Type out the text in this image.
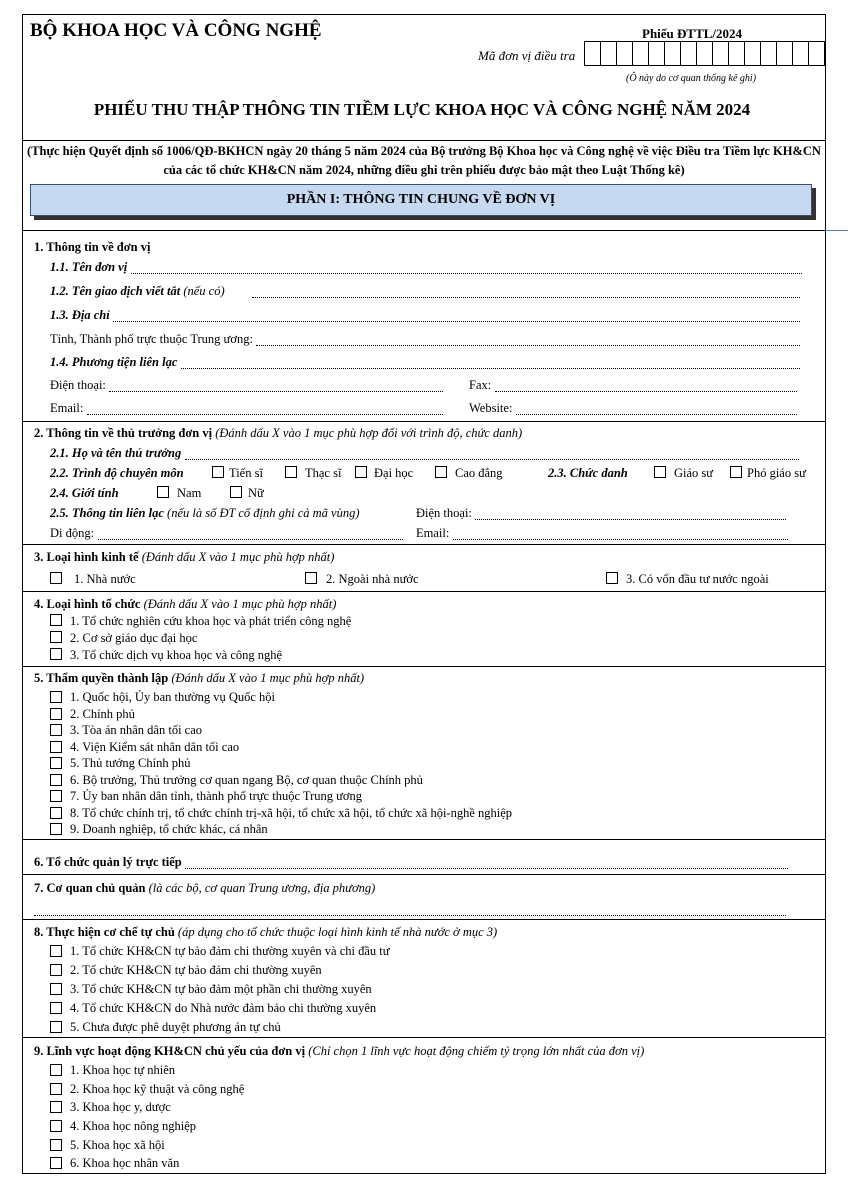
BỘ KHOA HỌC VÀ CÔNG NGHỆ	Phiếu ĐTTL/2024
Mã đơn vị điều tra
(Ô này do cơ quan thống kê ghi)
PHIẾU THU THẬP THÔNG TIN TIỀM LỰC KHOA HỌC VÀ CÔNG NGHỆ NĂM 2024
(Thực hiện Quyết định số 1006/QĐ-BKHCN ngày 20 tháng 5 năm 2024 của Bộ trưởng Bộ Khoa học và Công nghệ về việc Điều tra Tiềm lực KH&CN của các tổ chức KH&CN năm 2024, những điều ghi trên phiếu được bảo mật theo Luật Thống kê)
PHẦN I: THÔNG TIN CHUNG VỀ ĐƠN VỊ
1. Thông tin về đơn vị
1.1. Tên đơn vị
1.2. Tên giao dịch viết tắt (nếu có)
1.3. Địa chỉ
Tỉnh, Thành phố trực thuộc Trung ương:
1.4. Phương tiện liên lạc
Điện thoại:	Fax:
Email:	Website:
2. Thông tin về thủ trưởng đơn vị (Đánh dấu X vào 1 mục phù hợp đối với trình độ, chức danh)
2.1. Họ và tên thủ trưởng
2.2. Trình độ chuyên môn	Tiến sĩ	Thạc sĩ	Đại học	Cao đẳng	2.3. Chức danh	Giáo sư	Phó giáo sư
2.4. Giới tính	Nam	Nữ
2.5. Thông tin liên lạc (nếu là số ĐT cố định ghi cả mã vùng)	Điện thoại:
Di động:	Email:
3. Loại hình kinh tế (Đánh dấu X vào 1 mục phù hợp nhất)
1. Nhà nước	2. Ngoài nhà nước	3. Có vốn đầu tư nước ngoài
4. Loại hình tổ chức (Đánh dấu X vào 1 mục phù hợp nhất)
1. Tổ chức nghiên cứu khoa học và phát triển công nghệ
2. Cơ sở giáo dục đại học
3. Tổ chức dịch vụ khoa học và công nghệ
5. Thẩm quyền thành lập (Đánh dấu X vào 1 mục phù hợp nhất)
1. Quốc hội, Ủy ban thường vụ Quốc hội
2. Chính phủ
3. Tòa án nhân dân tối cao
4. Viện Kiểm sát nhân dân tối cao
5. Thủ tướng Chính phủ
6. Bộ trưởng, Thủ trưởng cơ quan ngang Bộ, cơ quan thuộc Chính phủ
7. Ủy ban nhân dân tỉnh, thành phố trực thuộc Trung ương
8. Tổ chức chính trị, tổ chức chính trị-xã hội, tổ chức xã hội, tổ chức xã hội-nghề nghiệp
9. Doanh nghiệp, tổ chức khác, cá nhân
6. Tổ chức quản lý trực tiếp
7. Cơ quan chủ quản (là các bộ, cơ quan Trung ương, địa phương)
8. Thực hiện cơ chế tự chủ (áp dụng cho tổ chức thuộc loại hình kinh tế nhà nước ở mục 3)
1. Tổ chức KH&CN tự bảo đảm chi thường xuyên và chi đầu tư
2. Tổ chức KH&CN tự bảo đảm chi thường xuyên
3. Tổ chức KH&CN tự bảo đảm một phần chi thường xuyên
4. Tổ chức KH&CN do Nhà nước đảm bảo chi thường xuyên
5. Chưa được phê duyệt phương án tự chủ
9. Lĩnh vực hoạt động KH&CN chủ yếu của đơn vị (Chỉ chọn 1 lĩnh vực hoạt động chiếm tỷ trọng lớn nhất của đơn vị)
1. Khoa học tự nhiên
2. Khoa học kỹ thuật và công nghệ
3. Khoa học y, dược
4. Khoa học nông nghiệp
5. Khoa học xã hội
6. Khoa học nhân văn
